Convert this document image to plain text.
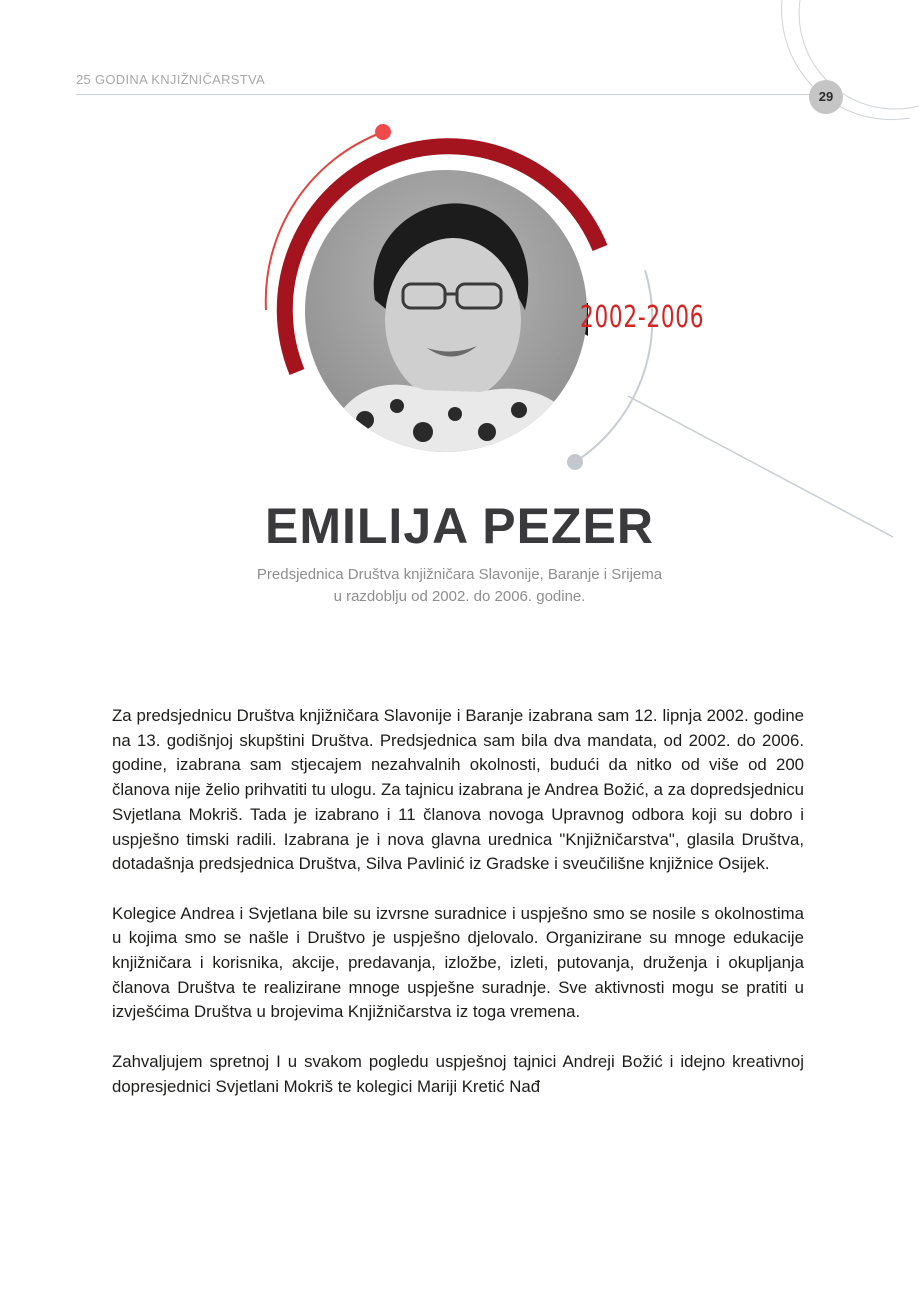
25 GODINA KNJIŽNIČARSTVA
29
2002-2006
EMILIJA PEZER
Predsjednica Društva knjižničara Slavonije, Baranje i Srijema
u razdoblju od 2002. do 2006. godine.

Za predsjednicu Društva knjižničara Slavonije i Baranje izabrana sam 12. lipnja 2002. godine na 13. godišnjoj skupštini Društva. Predsjednica sam bila dva mandata, od 2002. do 2006. godine, izabrana sam stjecajem nezahvalnih okolnosti, budući da nitko od više od 200 članova nije želio prihvatiti tu ulogu. Za tajnicu izabrana je Andrea Božić, a za dopredsjednicu Svjetlana Mokriš. Tada je izabrano i 11 članova novoga Upravnog odbora koji su dobro i uspješno timski radili. Izabrana je i nova glavna urednica "Knjižničarstva", glasila Društva, dotadašnja predsjednica Društva, Silva Pavlinić iz Gradske i sveučilišne knjižnice Osijek.

Kolegice Andrea i Svjetlana bile su izvrsne suradnice i uspješno smo se nosile s okolnostima u kojima smo se našle i Društvo je uspješno djelovalo. Organizirane su mnoge edukacije knjižničara i korisnika, akcije, predavanja, izložbe, izleti, putovanja, druženja i okupljanja članova Društva te realizirane mnoge uspješne suradnje. Sve aktivnosti mogu se pratiti u izvješćima Društva u brojevima Knjižničarstva iz toga vremena.

Zahvaljujem spretnoj I u svakom pogledu uspješnoj tajnici Andreji Božić i idejno kreativnoj dopresjednici Svjetlani Mokriš te kolegici Mariji Kretić Nađ
